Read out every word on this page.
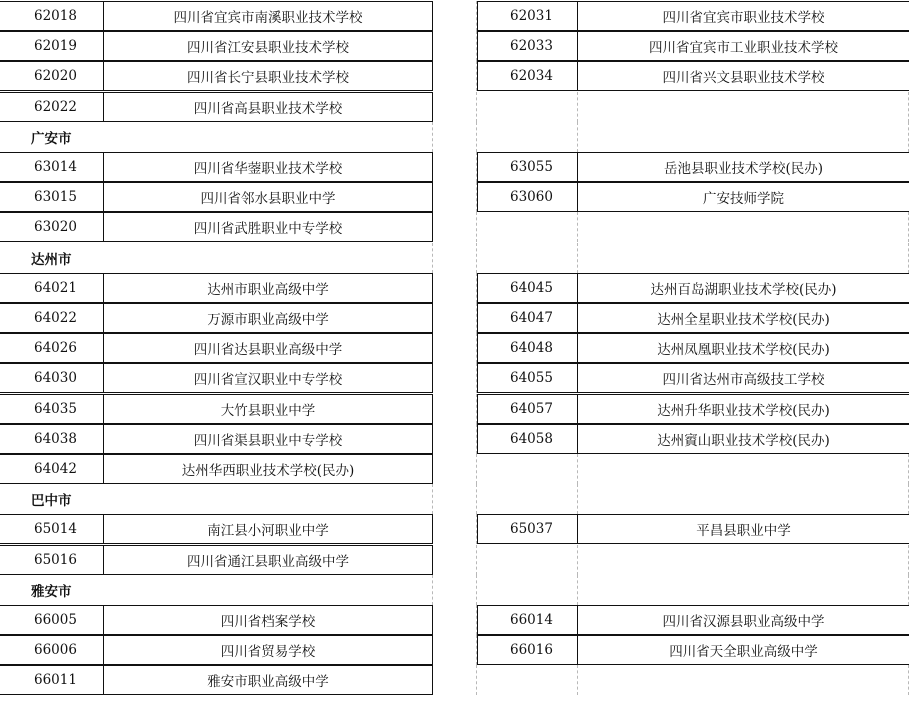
62018	四川省宜宾市南溪职业技术学校	62031	四川省宜宾市职业技术学校
62019	四川省江安县职业技术学校	62033	四川省宜宾市工业职业技术学校
62020	四川省长宁县职业技术学校	62034	四川省兴文县职业技术学校
62022	四川省高县职业技术学校
广安市
63014	四川省华蓥职业技术学校	63055	岳池县职业技术学校(民办)
63015	四川省邻水县职业中学	63060	广安技师学院
63020	四川省武胜职业中专学校
达州市
64021	达州市职业高级中学	64045	达州百岛湖职业技术学校(民办)
64022	万源市职业高级中学	64047	达州全星职业技术学校(民办)
64026	四川省达县职业高级中学	64048	达州凤凰职业技术学校(民办)
64030	四川省宣汉职业中专学校	64055	四川省达州市高级技工学校
64035	大竹县职业中学	64057	达州升华职业技术学校(民办)
64038	四川省渠县职业中专学校	64058	达州賨山职业技术学校(民办)
64042	达州华西职业技术学校(民办)
巴中市
65014	南江县小河职业中学	65037	平昌县职业中学
65016	四川省通江县职业高级中学
雅安市
66005	四川省档案学校	66014	四川省汉源县职业高级中学
66006	四川省贸易学校	66016	四川省天全职业高级中学
66011	雅安市职业高级中学
